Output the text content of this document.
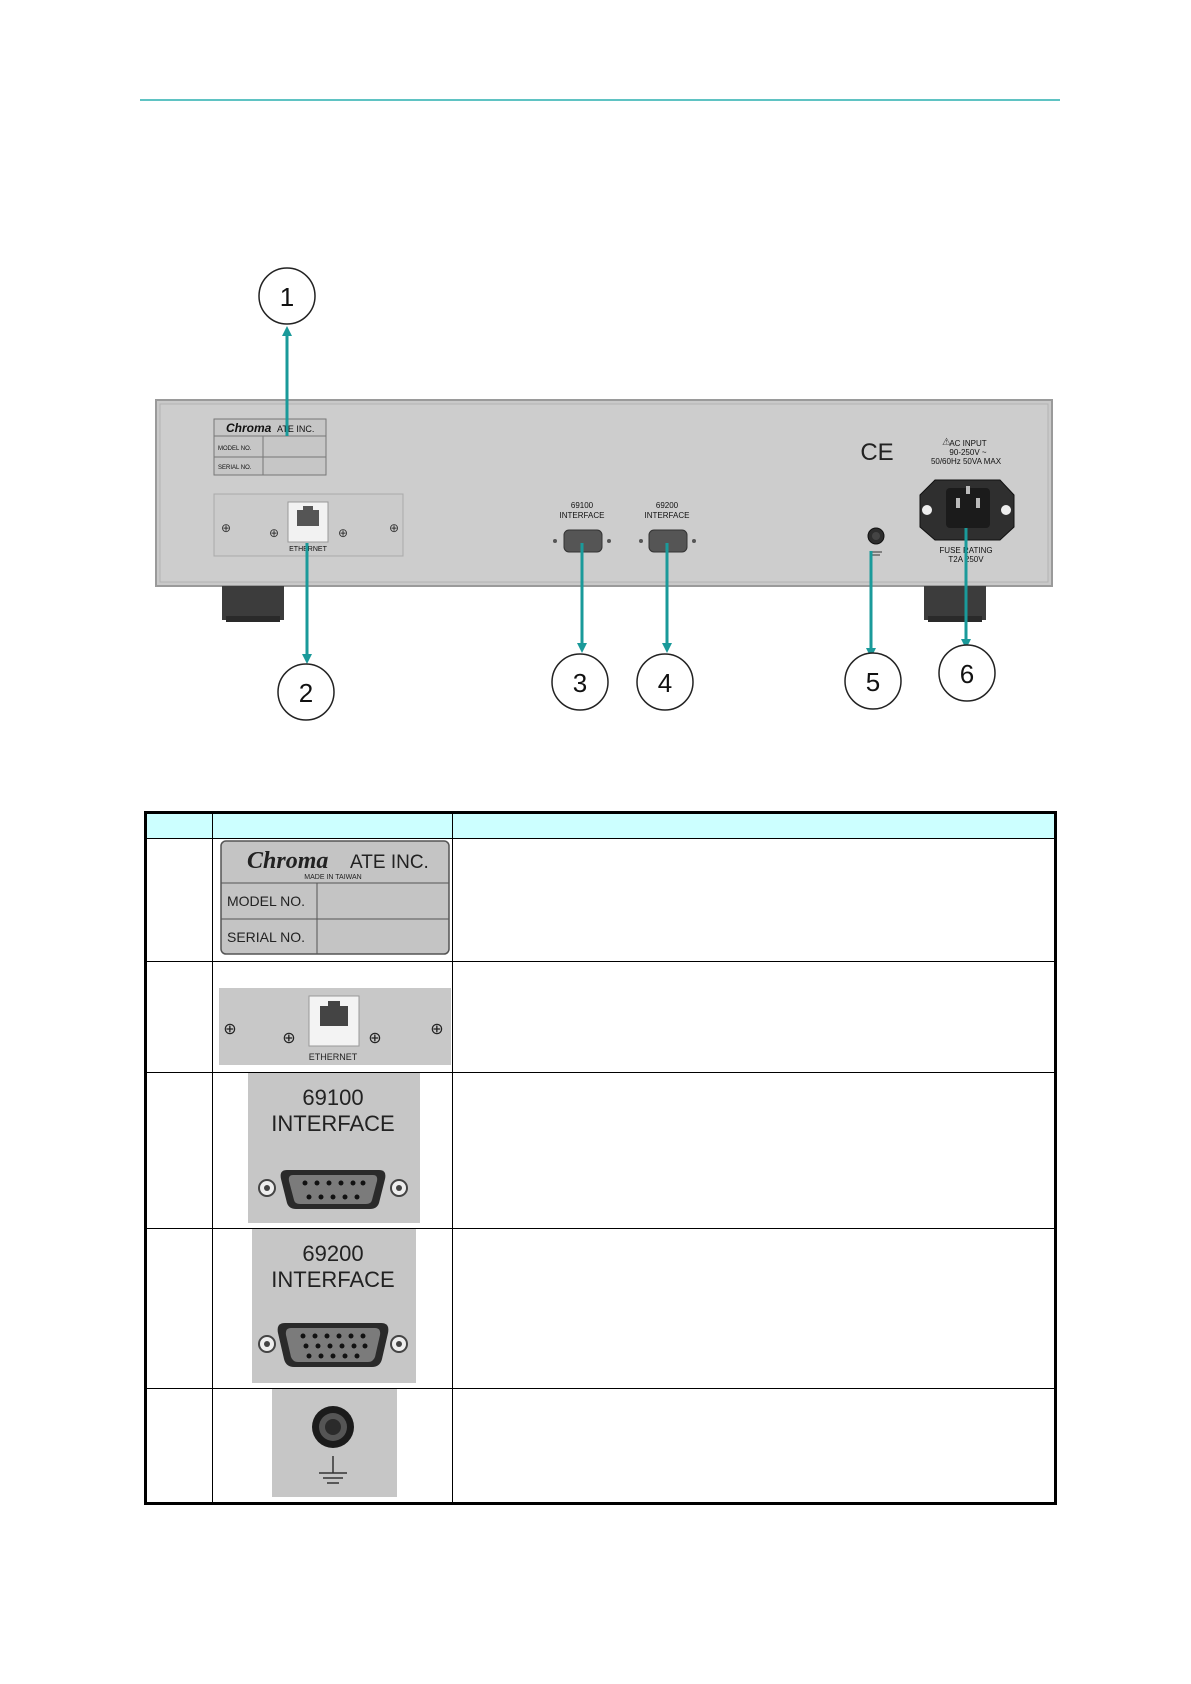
Chroma ATE INC.
MODEL NO.
SERIAL NO.
ETHERNET
⊕	⊕	⊕	⊕
69100
INTERFACE
69200
INTERFACE
CE	⚠
AC INPUT
90-250V ~
50/60Hz 50VA MAX
FUSE RATING
T2A 250V
1
2	3	4	5	6

Chroma ATE INC.
MADE IN TAIWAN
MODEL NO.
SERIAL NO.	

⊕
⊕ ⊕
⊕
ETHERNET	

69100
INTERFACE	

69200
INTERFACE	
